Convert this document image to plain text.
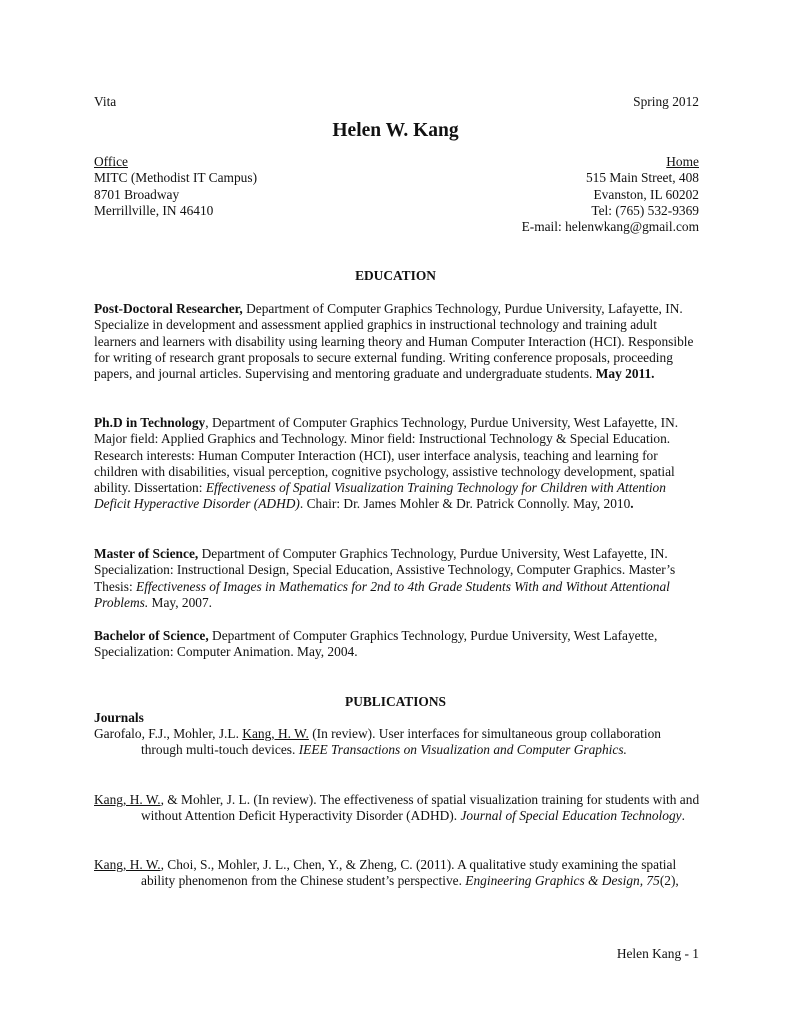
Vita	Spring 2012
Helen W. Kang
Office
MITC (Methodist IT Campus)
8701 Broadway
Merrillville, IN 46410
Home
515 Main Street, 408
Evanston, IL 60202
Tel: (765) 532-9369
E-mail: helenwkang@gmail.com
EDUCATION
Post-Doctoral Researcher, Department of Computer Graphics Technology, Purdue University, Lafayette, IN. Specialize in development and assessment applied graphics in instructional technology and training adult learners and learners with disability using learning theory and Human Computer Interaction (HCI). Responsible for writing of research grant proposals to secure external funding. Writing conference proposals, proceeding papers, and journal articles. Supervising and mentoring graduate and undergraduate students. May 2011.
Ph.D in Technology, Department of Computer Graphics Technology, Purdue University, West Lafayette, IN. Major field: Applied Graphics and Technology. Minor field: Instructional Technology & Special Education. Research interests: Human Computer Interaction (HCI), user interface analysis, teaching and learning for children with disabilities, visual perception, cognitive psychology, assistive technology development, spatial ability. Dissertation: Effectiveness of Spatial Visualization Training Technology for Children with Attention Deficit Hyperactive Disorder (ADHD). Chair: Dr. James Mohler & Dr. Patrick Connolly. May, 2010.
Master of Science, Department of Computer Graphics Technology, Purdue University, West Lafayette, IN. Specialization: Instructional Design, Special Education, Assistive Technology, Computer Graphics. Master’s Thesis: Effectiveness of Images in Mathematics for 2nd to 4th Grade Students With and Without Attentional Problems. May, 2007.
Bachelor of Science, Department of Computer Graphics Technology, Purdue University, West Lafayette, Specialization: Computer Animation. May, 2004.
PUBLICATIONS
Journals
Garofalo, F.J., Mohler, J.L. Kang, H. W. (In review). User interfaces for simultaneous group collaboration through multi-touch devices. IEEE Transactions on Visualization and Computer Graphics.
Kang, H. W., & Mohler, J. L. (In review). The effectiveness of spatial visualization training for students with and without Attention Deficit Hyperactivity Disorder (ADHD). Journal of Special Education Technology.
Kang, H. W., Choi, S., Mohler, J. L., Chen, Y., & Zheng, C. (2011). A qualitative study examining the spatial ability phenomenon from the Chinese student’s perspective. Engineering Graphics & Design, 75(2),
Helen Kang - 1
